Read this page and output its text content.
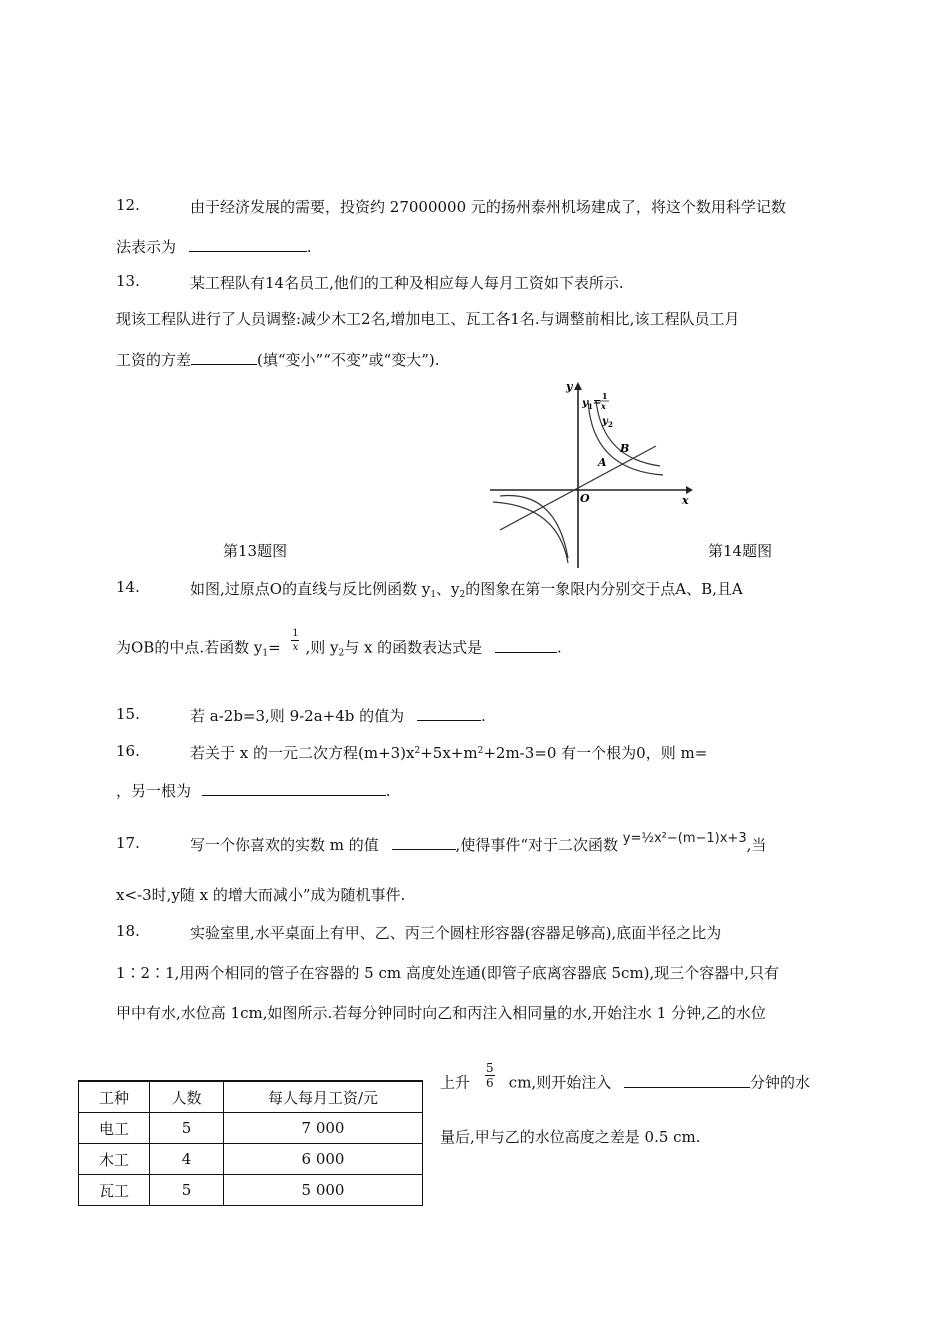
12.	由于经济发展的需要，投资约 27000000 元的扬州泰州机场建成了，将这个数用科学记数
法表示为	.
13.	某工程队有14名员工,他们的工种及相应每人每月工资如下表所示.
现该工程队进行了人员调整:减少木工2名,增加电工、瓦工各1名.与调整前相比,该工程队员工月
工资的方差	(填“变小”“不变”或“变大”).
y
x
O
y 1 =
1
x
y 2
A
B
第13题图	第14题图
14.	如图,过原点O的直线与反比例函数 $y_1$、$y_2$的图象在第一象限内分别交于点A、B,且A
为OB的中点.若函数 $y_1= \frac{1}{x}$ ,则 $y_2$与 x 的函数表达式是	.
15.	若 a-2b=3,则 9-2a+4b 的值为	.
16.	若关于 x 的一元二次方程$(m+3)x^2+5x+m^2+2m-3=0$ 有一个根为0，则 m=
，另一根为	.
17.	写一个你喜欢的实数 m 的值	,使得事件“对于二次函数 y=½x²−(m−1)x+3,当
x<-3时,y随 x 的增大而减小”成为随机事件.
18.	实验室里,水平桌面上有甲、乙、丙三个圆柱形容器(容器足够高),底面半径之比为
1∶2∶1,用两个相同的管子在容器的 5 cm 高度处连通(即管子底离容器底 5cm),现三个容器中,只有
甲中有水,水位高 1cm,如图所示.若每分钟同时向乙和丙注入相同量的水,开始注水 1 分钟,乙的水位
上升 $\frac{5}{6}$ cm,则开始注入	分钟的水
量后,甲与乙的水位高度之差是 0.5 cm.
工种	人数	每人每月工资/元
电工	5	7 000
木工	4	6 000
瓦工	5	5 000
